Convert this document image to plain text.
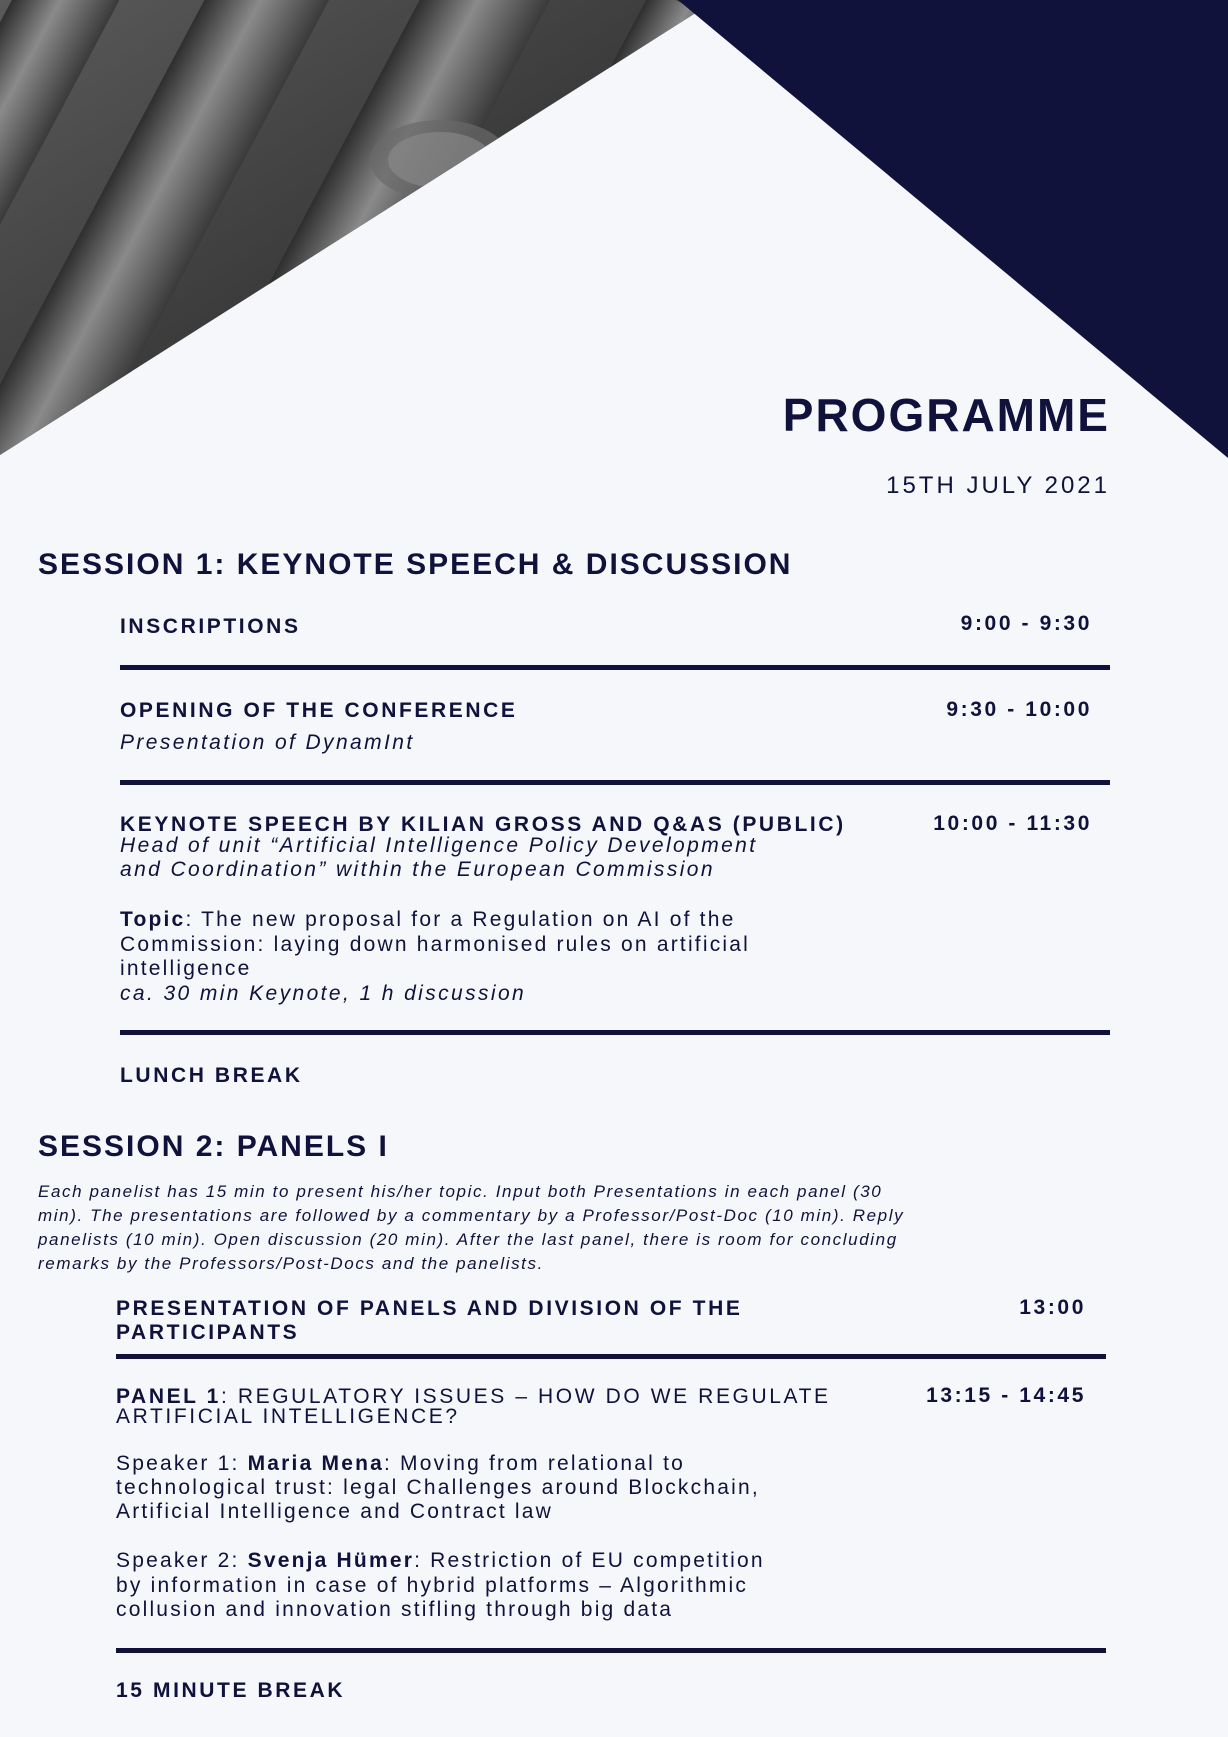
PROGRAMME
15TH JULY 2021
SESSION 1: KEYNOTE SPEECH & DISCUSSION
INSCRIPTIONS	9:00 - 9:30
OPENING OF THE CONFERENCE	9:30 - 10:00
Presentation of DynamInt
KEYNOTE SPEECH BY KILIAN GROSS AND Q&AS (PUBLIC)	10:00 - 11:30
Head of unit “Artificial Intelligence Policy Development
and Coordination” within the European Commission
Topic: The new proposal for a Regulation on AI of the
Commission: laying down harmonised rules on artificial
intelligence
ca. 30 min Keynote, 1 h discussion
LUNCH BREAK
SESSION 2: PANELS I
Each panelist has 15 min to present his/her topic. Input both Presentations in each panel (30
min). The presentations are followed by a commentary by a Professor/Post-Doc (10 min). Reply
panelists (10 min). Open discussion (20 min). After the last panel, there is room for concluding
remarks by the Professors/Post-Docs and the panelists.
PRESENTATION OF PANELS AND DIVISION OF THE
PARTICIPANTS
13:00
PANEL 1: REGULATORY ISSUES – HOW DO WE REGULATE
ARTIFICIAL INTELLIGENCE?
13:15 - 14:45
Speaker 1: Maria Mena: Moving from relational to
technological trust: legal Challenges around Blockchain,
Artificial Intelligence and Contract law
Speaker 2: Svenja Hümer: Restriction of EU competition
by information in case of hybrid platforms – Algorithmic
collusion and innovation stifling through big data
15 MINUTE BREAK
